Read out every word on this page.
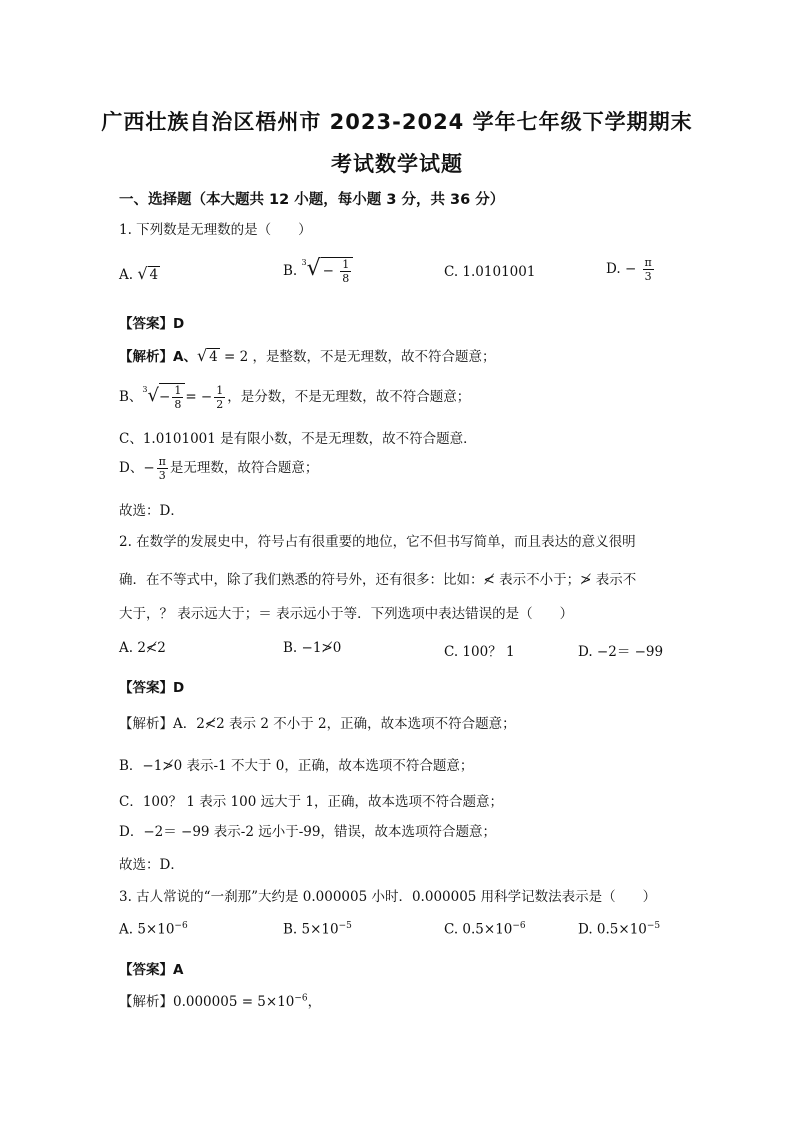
广西壮族自治区梧州市 2023-2024 学年七年级下学期期末
考试数学试题
一、选择题（本大题共 12 小题，每小题 3 分，共 36 分）
1. 下列数是无理数的是（　　）
A. √ 4	B. $^3√ - \frac{1}{8}$	C. 1.0101001	D. − $\frac{\pi}{3}$
【答案】D
【解析】A、√ 4 = 2 ，是整数，不是无理数，故不符合题意；
B、$^3√- \frac{1}{8}$ = − $\frac{1}{2}$ ，是分数，不是无理数，故不符合题意；
C、1.0101001 是有限小数，不是无理数，故不符合题意．
D、− $\frac{\pi}{3}$ 是无理数，故符合题意；
故选：D．
2. 在数学的发展史中，符号占有很重要的地位，它不但书写简单，而且表达的意义很明
确．在不等式中，除了我们熟悉的符号外，还有很多：比如：≮ 表示不小于；≯ 表示不
大于，？ 表示远大于；＝ 表示远小于等．下列选项中表达错误的是（　　）
A. 2≮2	B. −1≯0	C. 100？ 1	D. −2＝ −99
【答案】D
【解析】A．2≮2 表示 2 不小于 2，正确，故本选项不符合题意；
B．−1≯0 表示-1 不大于 0，正确，故本选项不符合题意；
C．100？ 1 表示 100 远大于 1，正确，故本选项不符合题意；
D．−2＝ −99 表示-2 远小于-99，错误，故本选项符合题意；
故选：D．
3. 古人常说的“一刹那”大约是 0.000005 小时．0.000005 用科学记数法表示是（　　）
A. $5\times 10^{-6}$	B. $5\times 10^{-5}$	C. $0.5\times 10^{-6}$	D. $0.5\times 10^{-5}$
【答案】A
【解析】$0.000005 = 5\times 10^{-6}$，
